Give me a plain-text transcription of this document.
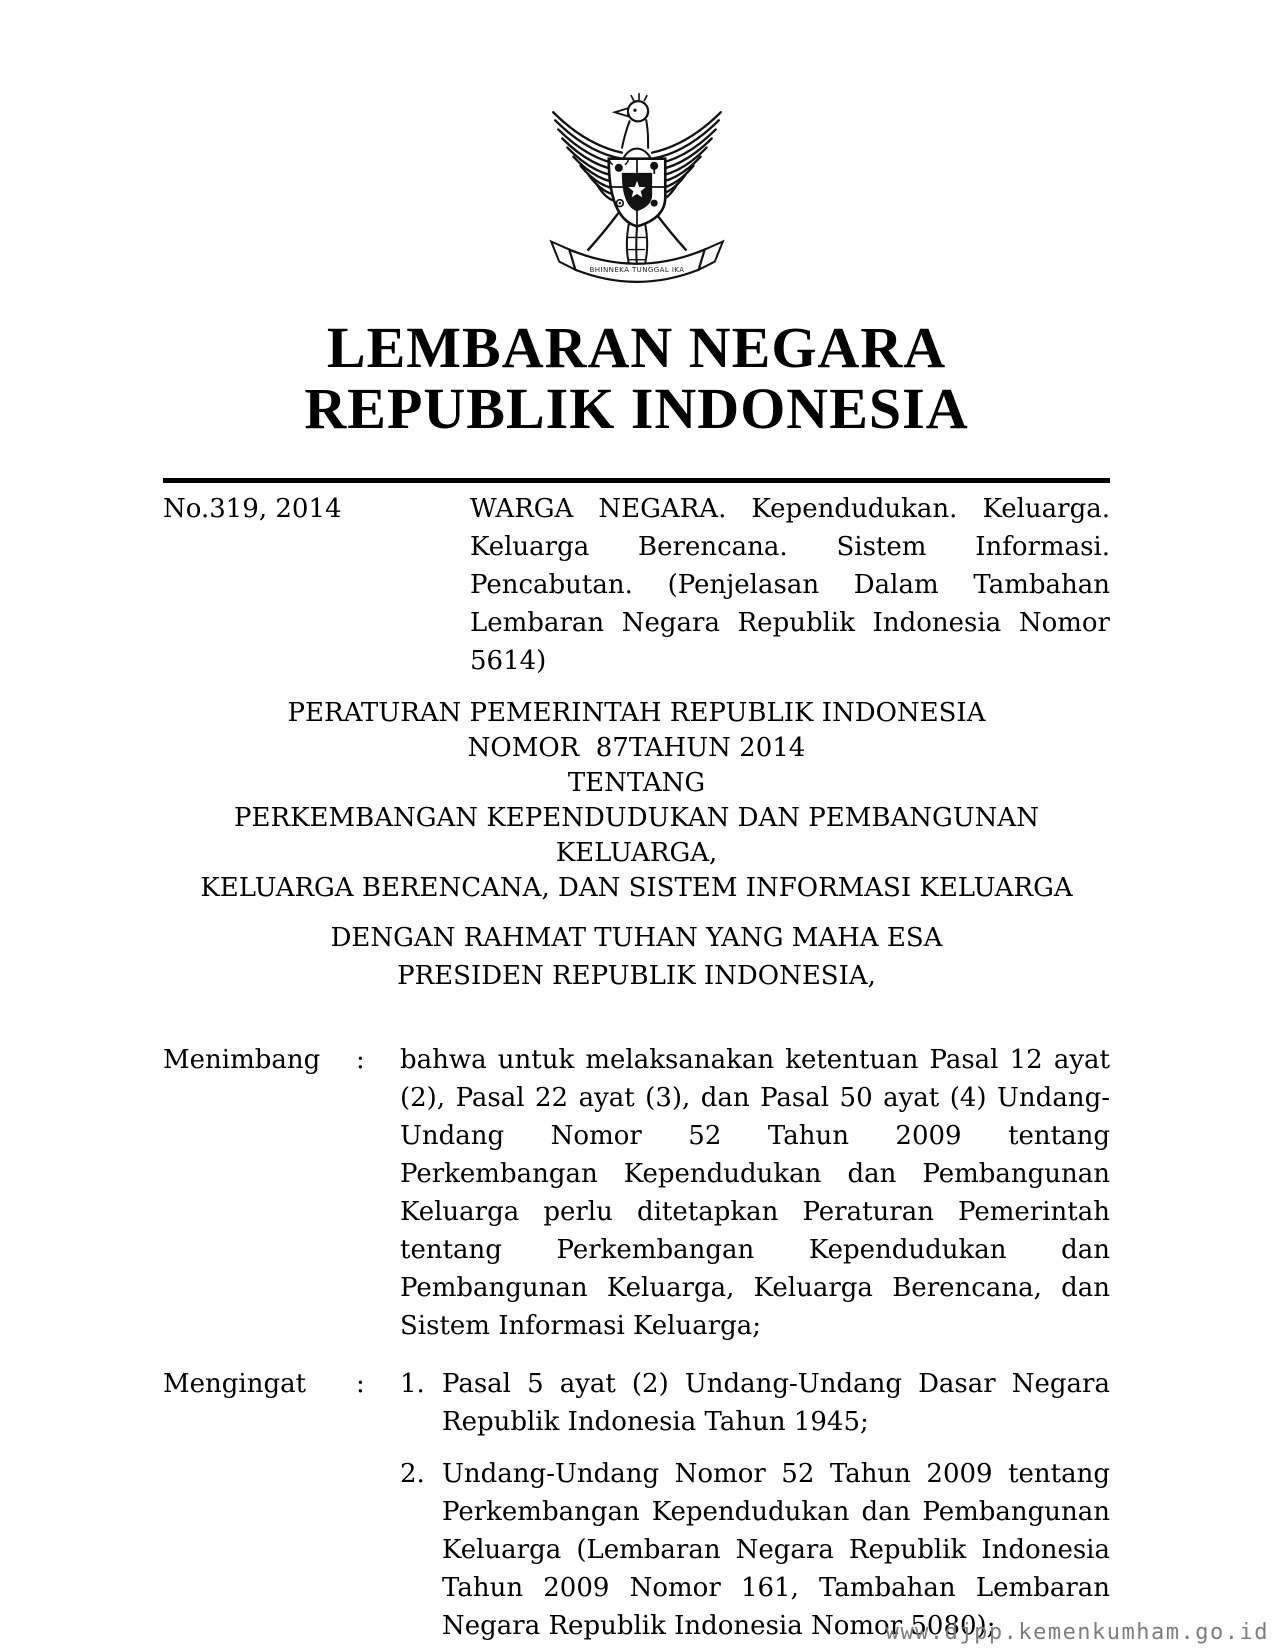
BHINNEKA TUNGGAL IKA
LEMBARAN NEGARA
REPUBLIK INDONESIA
No.319, 2014	WARGA NEGARA. Kependudukan. Keluarga. Keluarga Berencana. Sistem Informasi. Pencabutan. (Penjelasan Dalam Tambahan Lembaran Negara Republik Indonesia Nomor 5614)
PERATURAN PEMERINTAH REPUBLIK INDONESIA
NOMOR  87TAHUN 2014
TENTANG
PERKEMBANGAN KEPENDUDUKAN DAN PEMBANGUNAN KELUARGA,
KELUARGA BERENCANA, DAN SISTEM INFORMASI KELUARGA
DENGAN RAHMAT TUHAN YANG MAHA ESA
PRESIDEN REPUBLIK INDONESIA,
Menimbang	:	bahwa untuk melaksanakan ketentuan Pasal 12 ayat (2), Pasal 22 ayat (3), dan Pasal 50 ayat (4) Undang-Undang Nomor 52 Tahun 2009 tentang Perkembangan Kependudukan dan Pembangunan Keluarga perlu ditetapkan Peraturan Pemerintah tentang Perkembangan Kependudukan dan Pembangunan Keluarga, Keluarga Berencana, dan Sistem Informasi Keluarga;
Mengingat	:	1. Pasal 5 ayat (2) Undang-Undang Dasar Negara Republik Indonesia Tahun 1945;
2. Undang-Undang Nomor 52 Tahun 2009 tentang Perkembangan Kependudukan dan Pembangunan Keluarga (Lembaran Negara Republik Indonesia Tahun 2009 Nomor 161, Tambahan Lembaran Negara Republik Indonesia Nomor 5080);
www.djpp.kemenkumham.go.id
